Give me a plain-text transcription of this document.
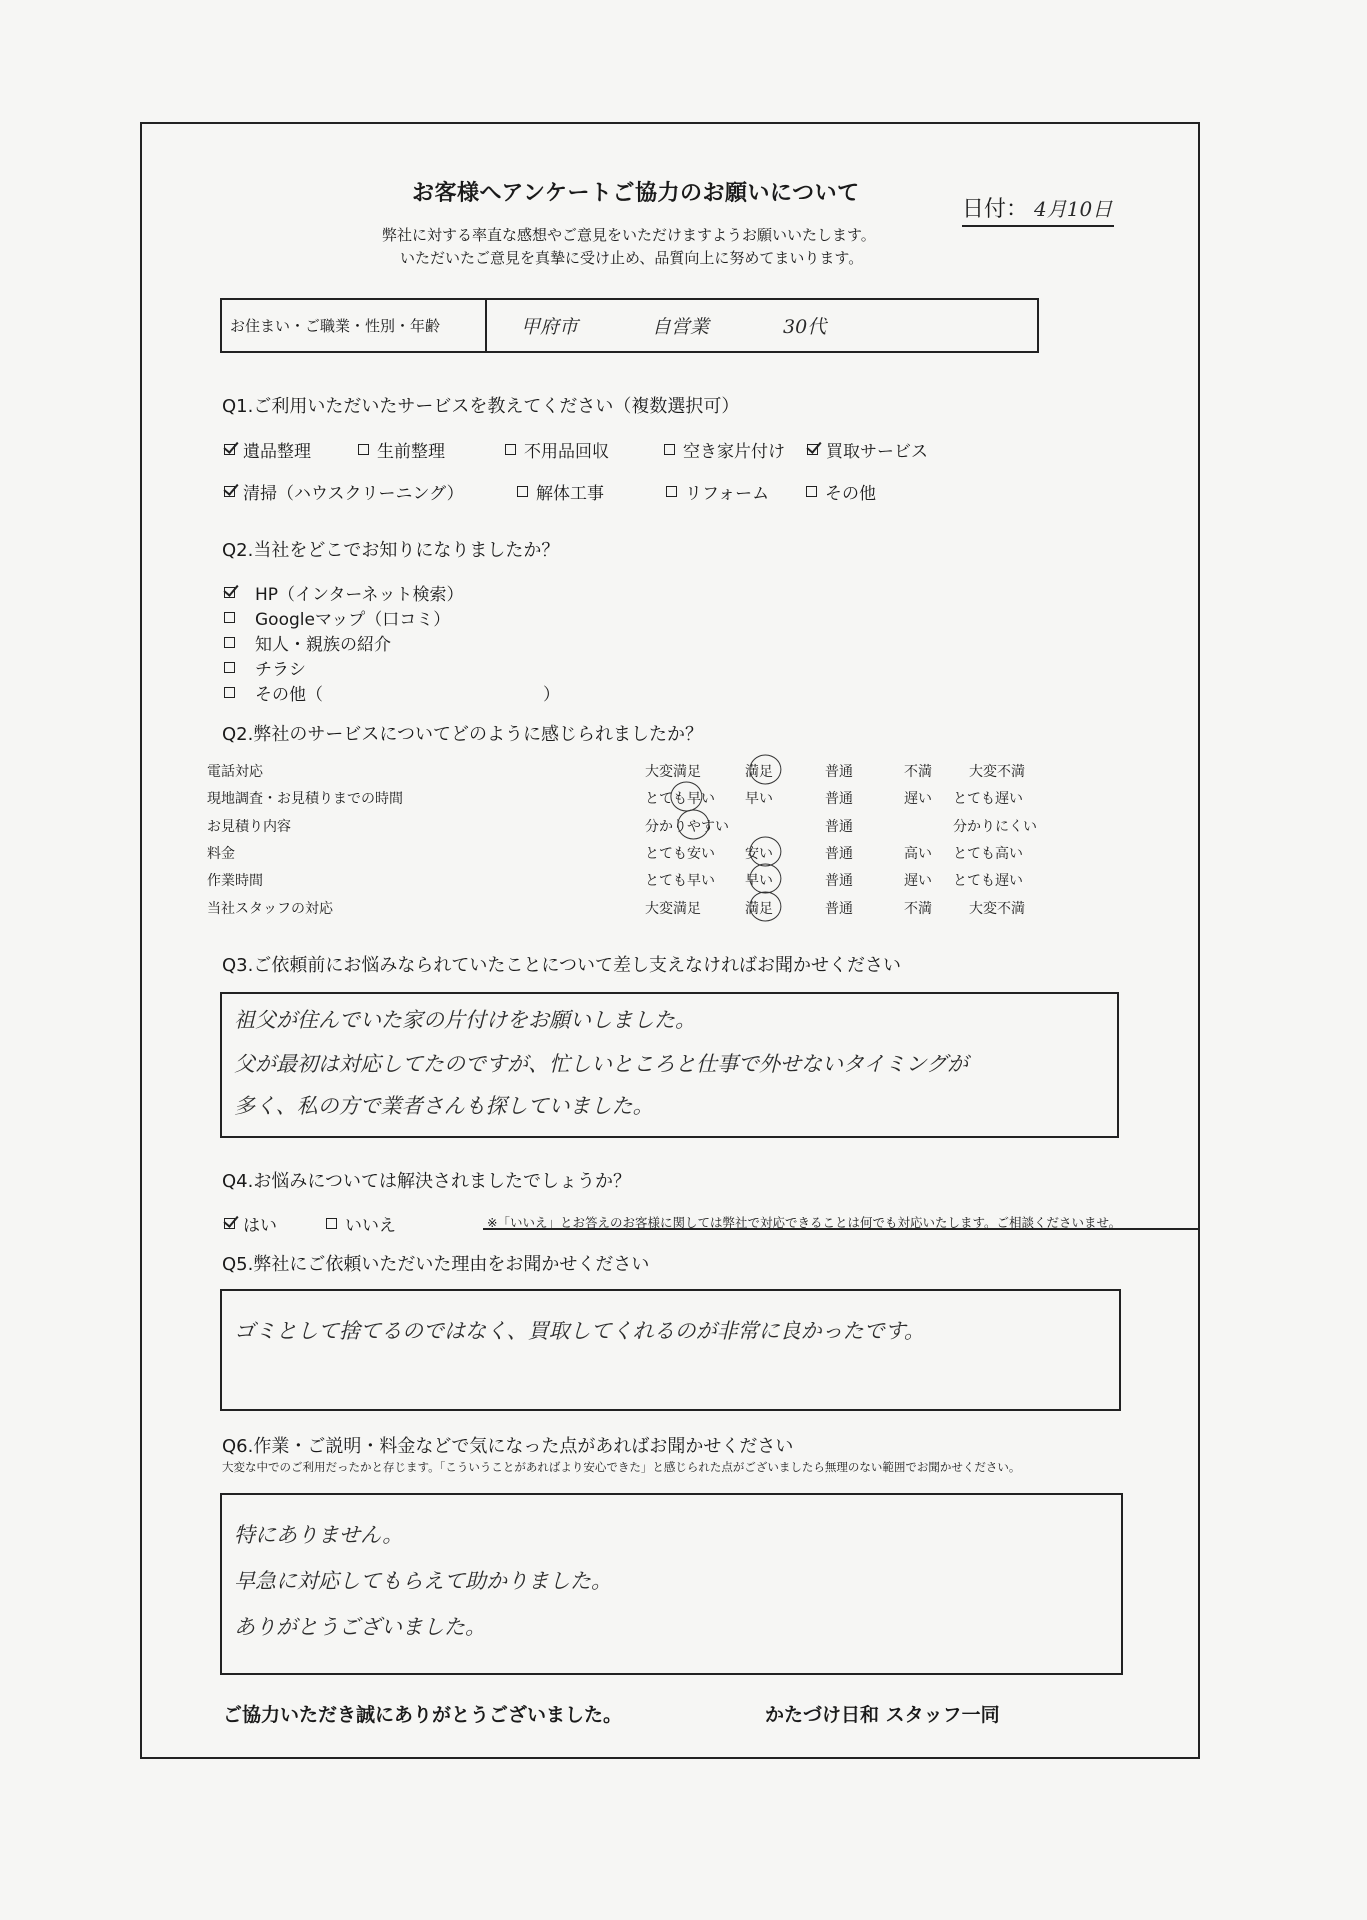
お客様へアンケートご協力のお願いについて
弊社に対する率直な感想やご意見をいただけますようお願いいたします。
いただいたご意見を真摯に受け止め、品質向上に努めてまいります。
日付： 4月10日
お住まい・ご職業・性別・年齢	甲府市	自営業	30代
Q1.ご利用いただいたサービスを教えてください（複数選択可）
遺品整理	生前整理	不用品回収	空き家片付け 買取サービス
清掃（ハウスクリーニング）	解体工事	リフォーム	その他
Q2.当社をどこでお知りになりましたか？
HP（インターネット検索）
Googleマップ（口コミ）
知人・親族の紹介
チラシ
その他（	）
Q2.弊社のサービスについてどのように感じられましたか？
電話対応	大変満足	満足	普通	不満	大変不満
現地調査・お見積りまでの時間	とても早い 早い	普通	遅い とても遅い
お見積り内容	分かりやすい	普通	分かりにくい
料金	とても安い 安い	普通	高い とても高い
作業時間	とても早い 早い	普通	遅い とても遅い
当社スタッフの対応	大変満足	満足	普通	不満	大変不満
Q3.ご依頼前にお悩みなられていたことについて差し支えなければお聞かせください
祖父が住んでいた家の片付けをお願いしました。
父が最初は対応してたのですが、忙しいところと仕事で外せないタイミングが
多く、私の方で業者さんも探していました。
Q4.お悩みについては解決されましたでしょうか？
はい	いいえ	※「いいえ」とお答えのお客様に関しては弊社で対応できることは何でも対応いたします。ご相談くださいませ。
Q5.弊社にご依頼いただいた理由をお聞かせください
ゴミとして捨てるのではなく、買取してくれるのが非常に良かったです。
Q6.作業・ご説明・料金などで気になった点があればお聞かせください
大変な中でのご利用だったかと存じます。「こういうことがあればより安心できた」と感じられた点がございましたら無理のない範囲でお聞かせください。
特にありません。
早急に対応してもらえて助かりました。
ありがとうございました。
ご協力いただき誠にありがとうございました。	かたづけ日和 スタッフ一同
